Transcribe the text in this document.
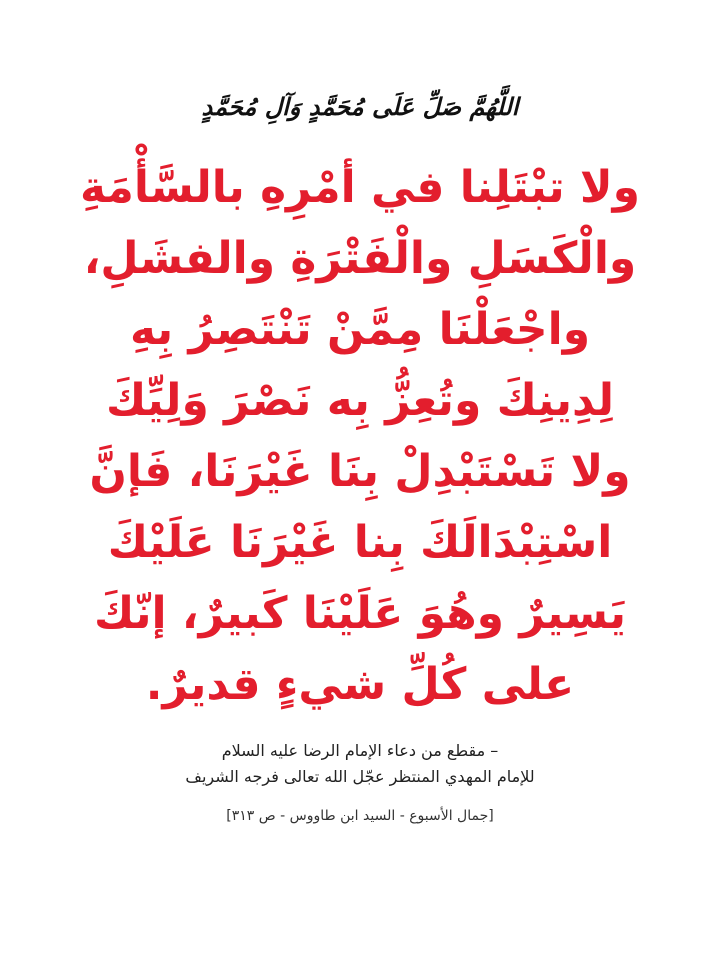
اللَّهُمَّ صَلِّ عَلَى مُحَمَّدٍ وَآلِ مُحَمَّدٍ
ولا تبْتَلِنا في أمْرِهِ بالسَّأْمَةِ
والْكَسَلِ والْفَتْرَةِ والفشَلِ،
واجْعَلْنَا مِمَّنْ تَنْتَصِرُ بِهِ
لِدِينِكَ وتُعِزُّ بِه نَصْرَ وَلِيِّكَ
ولا تَسْتَبْدِلْ بِنَا غَيْرَنَا، فَإنَّ
اسْتِبْدَالَكَ بِنا غَيْرَنَا عَلَيْكَ
يَسِيرٌ وهُوَ عَلَيْنَا كَبيرٌ، إنّكَ
على كُلِّ شيءٍ قديرٌ.
– مقطع من دعاء الإمام الرضا عليه السلام
للإمام المهدي المنتظر عجّل الله تعالى فرجه الشريف
[جمال الأسبوع - السيد ابن طاووس - ص ٣١٣]
